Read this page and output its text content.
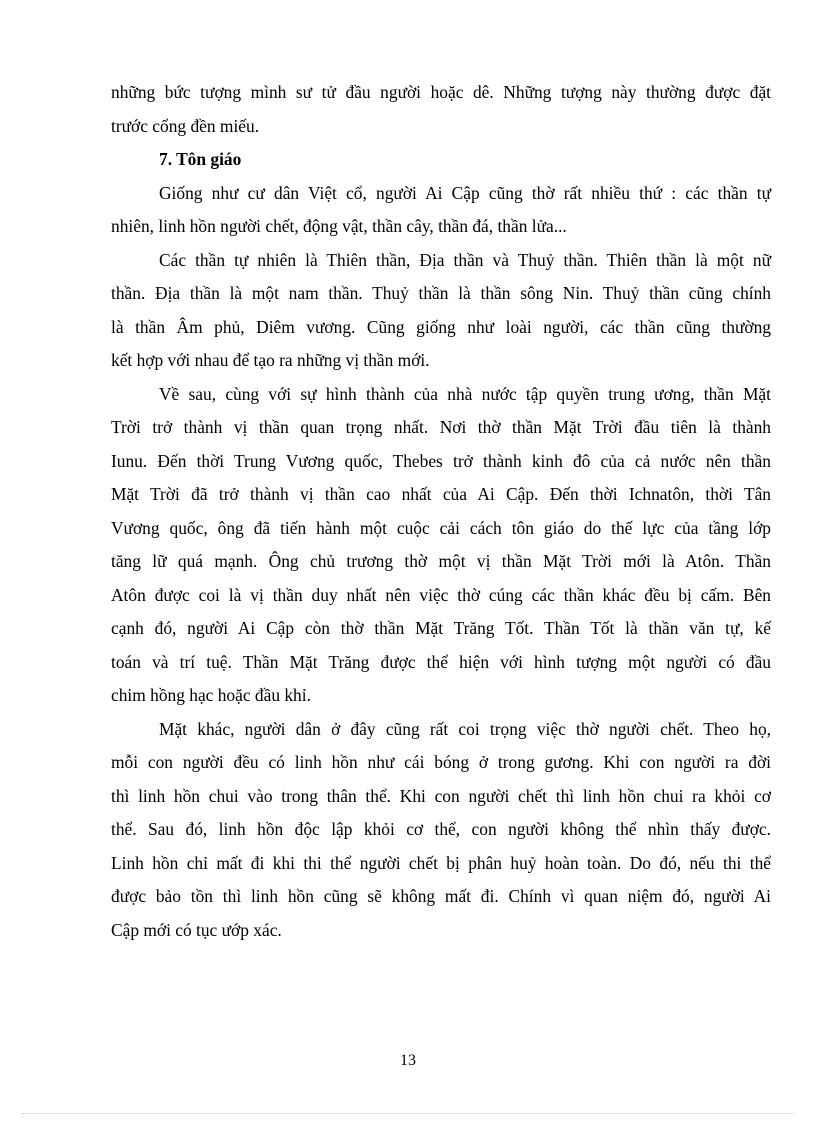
những bức tượng mình sư tử đầu người hoặc dê. Những tượng này thường được đặt
trước cổng đền miếu.
7. Tôn giáo
Giống như cư dân Việt cổ, người Ai Cập cũng thờ rất nhiều thứ : các thần tự
nhiên, linh hồn người chết, động vật, thần cây, thần đá, thần lửa...
Các thần tự nhiên là Thiên thần, Địa thần và Thuỷ thần. Thiên thần là một nữ
thần. Địa thần là một nam thần. Thuỷ thần là thần sông Nin. Thuỷ thần cũng chính
là thần Âm phủ, Diêm vương. Cũng giống như loài người, các thần cũng thường
kết hợp với nhau để tạo ra những vị thần mới.
Về sau, cùng với sự hình thành của nhà nước tập quyền trung ương, thần Mặt
Trời trở thành vị thần quan trọng nhất. Nơi thờ thần Mặt Trời đầu tiên là thành
Iunu. Đến thời Trung Vương quốc, Thebes trở thành kinh đô của cả nước nên thần
Mặt Trời đã trở thành vị thần cao nhất của Ai Cập. Đến thời Ichnatôn, thời Tân
Vương quốc, ông đã tiến hành một cuộc cải cách tôn giáo do thế lực của tầng lớp
tăng lữ quá mạnh. Ông chủ trương thờ một vị thần Mặt Trời mới là Atôn. Thần
Atôn được coi là vị thần duy nhất nên việc thờ cúng các thần khác đều bị cấm. Bên
cạnh đó, người Ai Cập còn thờ thần Mặt Trăng Tốt. Thần Tốt là thần văn tự, kế
toán và trí tuệ. Thần Mặt Trăng được thể hiện với hình tượng một người có đầu
chim hồng hạc hoặc đầu khỉ.
Mặt khác, người dân ở đây cũng rất coi trọng việc thờ người chết. Theo họ,
mỗi con người đều có linh hồn như cái bóng ở trong gương. Khi con người ra đời
thì linh hồn chui vào trong thân thể. Khi con người chết thì linh hồn chui ra khỏi cơ
thể. Sau đó, linh hồn độc lập khỏi cơ thể, con người không thể nhìn thấy được.
Linh hồn chỉ mất đi khi thi thể người chết bị phân huỷ hoàn toàn. Do đó, nếu thi thể
được bảo tồn thì linh hồn cũng sẽ không mất đi. Chính vì quan niệm đó, người Ai
Cập mới có tục ướp xác.
13
